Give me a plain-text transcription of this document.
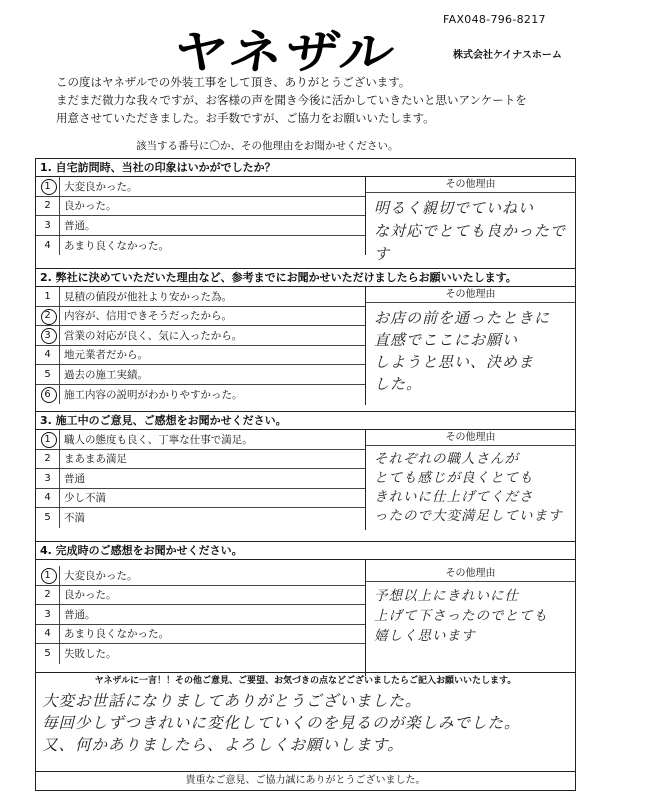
ヤネザル
FAX048-796-8217
株式会社ケイナスホーム
この度はヤネザルでの外装工事をして頂き、ありがとうございます。
まだまだ微力な我々ですが、お客様の声を聞き今後に活かしていきたいと思いアンケートを
用意させていただきました。お手数ですが、ご協力をお願いいたします。
該当する番号に〇か、その他理由をお聞かせください。
1. 自宅訪問時、当社の印象はいかがでしたか？
1	大変良かった。
2	良かった。
3	普通。
4	あまり良くなかった。
その他理由
明るく親切でていねい
な対応でとても良かったです
2. 弊社に決めていただいた理由など、参考までにお聞かせいただけましたらお願いいたします。
1	見積の値段が他社より安かった為。
2	内容が、信用できそうだったから。
3	営業の対応が良く、気に入ったから。
4	地元業者だから。
5	過去の施工実績。
6	施工内容の説明がわかりやすかった。
その他理由
お店の前を通ったときに
直感でここにお願い
しようと思い、決めま
した。
3. 施工中のご意見、ご感想をお聞かせください。
1	職人の態度も良く、丁寧な仕事で満足。
2	まあまあ満足
3	普通
4	少し不満
5	不満
その他理由
それぞれの職人さんが
とても感じが良くとても
きれいに仕上げてくださ
ったので大変満足しています
4. 完成時のご感想をお聞かせください。
1	大変良かった。
2	良かった。
3	普通。
4	あまり良くなかった。
5	失敗した。
その他理由
予想以上にきれいに仕
上げて下さったのでとても
嬉しく思います
ヤネザルに一言！！その他ご意見、ご要望、お気づきの点などございましたらご記入お願いいたします。
大変お世話になりましてありがとうございました。
毎回少しずつきれいに変化していくのを見るのが楽しみでした。
又、何かありましたら、よろしくお願いします。
貴重なご意見、ご協力誠にありがとうございました。
